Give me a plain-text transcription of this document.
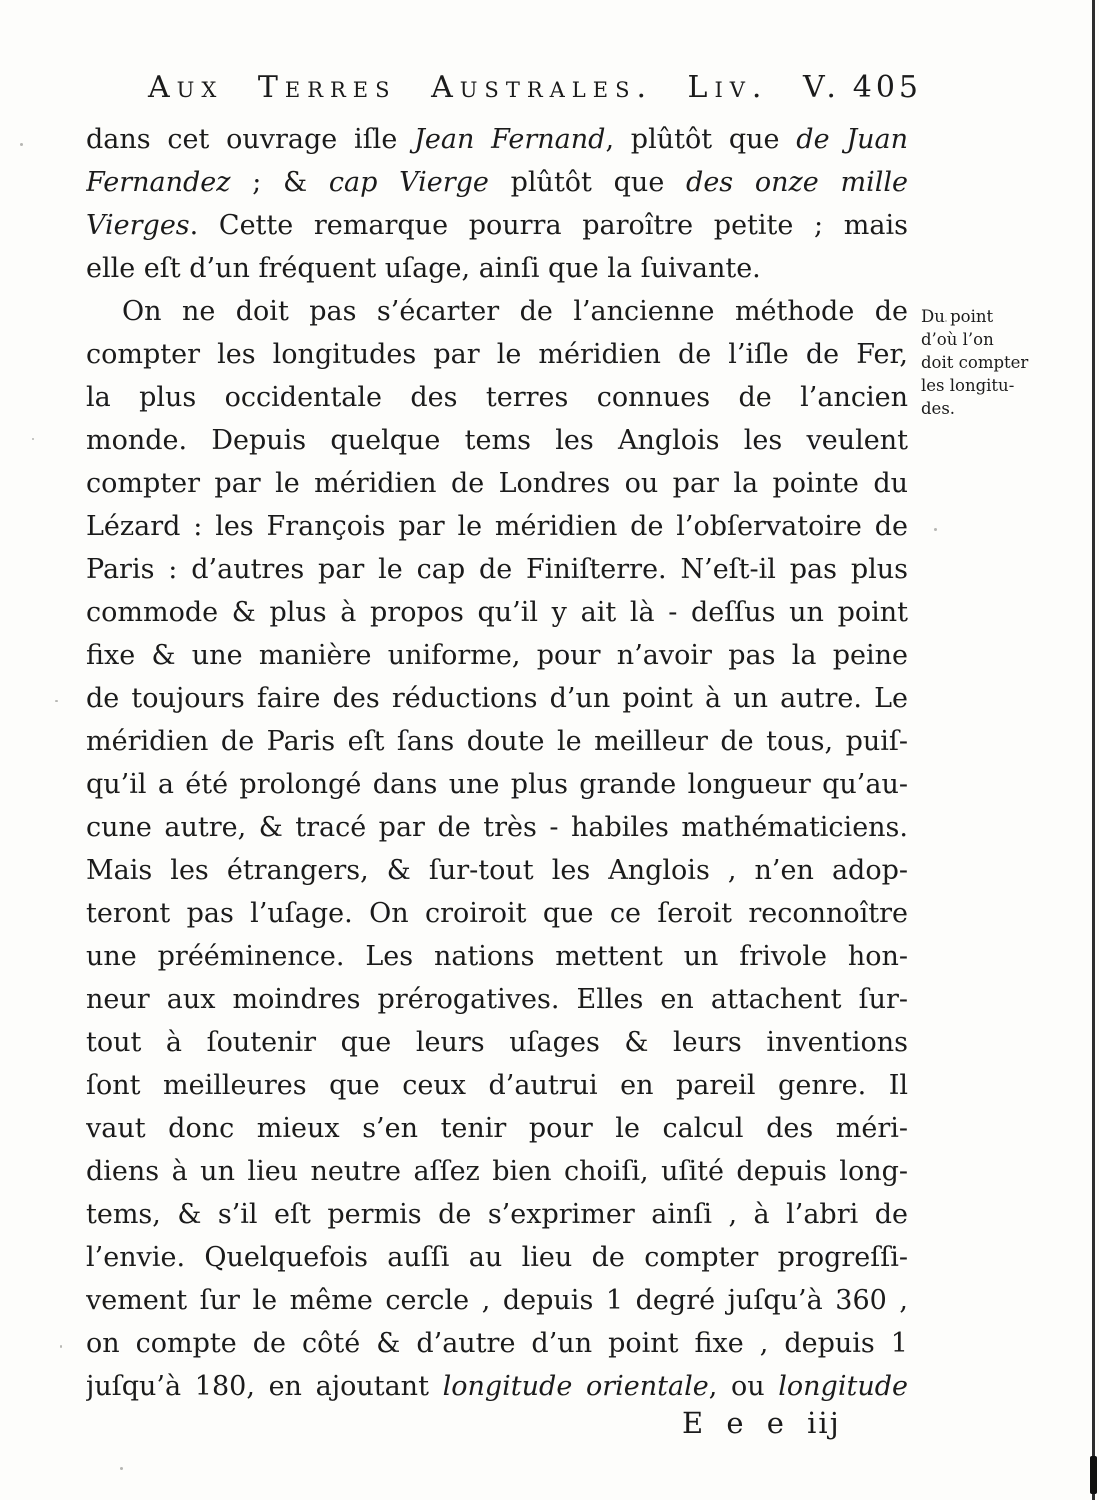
Aux Terres Australes. Liv. V. 405
dans cet ouvrage iſle Jean Fernand, plûtôt que de Juan
Fernandez ; & cap Vierge plûtôt que des onze mille
Vierges. Cette remarque pourra paroître petite ; mais
elle eſt d’un fréquent uſage, ainſi que la ſuivante.
On ne doit pas s’écarter de l’ancienne méthode de
compter les longitudes par le méridien de l’iſle de Fer,
la plus occidentale des terres connues de l’ancien
monde. Depuis quelque tems les Anglois les veulent
compter par le méridien de Londres ou par la pointe du
Lézard : les François par le méridien de l’obſervatoire de
Paris : d’autres par le cap de Finiſterre. N’eſt-il pas plus
commode & plus à propos qu’il y ait là - deſſus un point
fixe & une manière uniforme, pour n’avoir pas la peine
de toujours faire des réductions d’un point à un autre. Le
méridien de Paris eſt ſans doute le meilleur de tous, puiſ-
qu’il a été prolongé dans une plus grande longueur qu’au-
cune autre, & tracé par de très - habiles mathématiciens.
Mais les étrangers, & ſur-tout les Anglois , n’en adop-
teront pas l’uſage. On croiroit que ce ſeroit reconnoître
une prééminence. Les nations mettent un frivole hon-
neur aux moindres prérogatives. Elles en attachent ſur-
tout à ſoutenir que leurs uſages & leurs inventions
ſont meilleures que ceux d’autrui en pareil genre. Il
vaut donc mieux s’en tenir pour le calcul des méri-
diens à un lieu neutre aſſez bien choiſi, uſité depuis long-
tems, & s’il eſt permis de s’exprimer ainſi , à l’abri de
l’envie. Quelquefois auſſi au lieu de compter progreſſi-
vement ſur le même cercle , depuis 1 degré juſqu’à 360 ,
on compte de côté & d’autre d’un point fixe , depuis 1
juſqu’à 180, en ajoutant longitude orientale, ou longitude
Du point
d’où l’on
doit compter
les longitu-
des.
E e e iij
